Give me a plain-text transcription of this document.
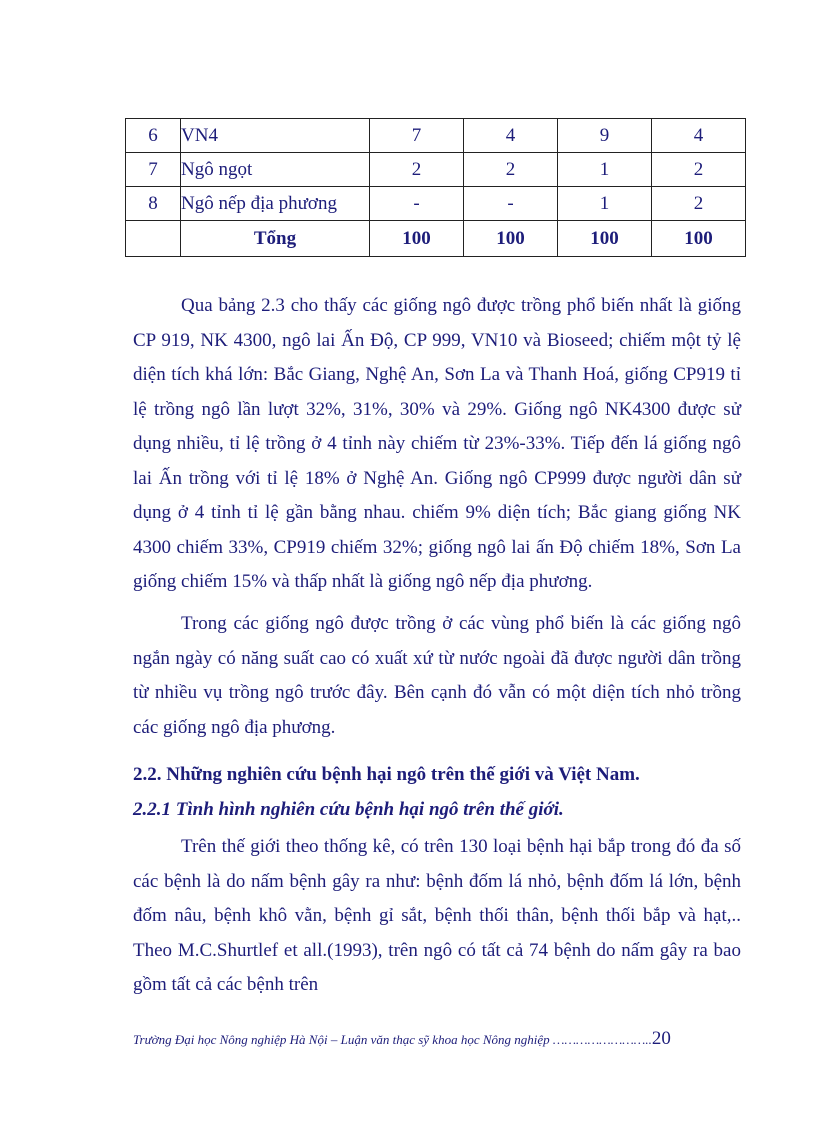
6	VN4	7	4	9	4
7	Ngô ngọt	2	2	1	2
8	Ngô nếp địa phương	-	-	1	2
	Tổng	100	100	100	100

Qua bảng 2.3 cho thấy các giống ngô được trồng phổ biến nhất là giống CP 919, NK 4300, ngô lai Ấn Độ, CP 999, VN10 và Bioseed; chiếm một tỷ lệ diện tích khá lớn: Bắc Giang, Nghệ An, Sơn La và Thanh Hoá, giống CP919 tỉ lệ trồng ngô lần lượt 32%, 31%, 30% và 29%. Giống ngô NK4300 được sử dụng nhiều, tỉ lệ trồng ở 4 tỉnh này chiếm từ 23%-33%. Tiếp đến lá giống ngô lai Ấn trồng với tỉ lệ 18% ở Nghệ An. Giống ngô CP999 được người dân sử dụng ở 4 tỉnh tỉ lệ gần bằng nhau. chiếm 9% diện tích; Bắc giang giống NK 4300 chiếm 33%, CP919 chiếm 32%; giống ngô lai ấn Độ chiếm 18%, Sơn La giống chiếm 15% và thấp nhất là giống ngô nếp địa phương.

Trong các giống ngô được trồng ở các vùng phổ biến là các giống ngô ngắn ngày có năng suất cao có xuất xứ từ nước ngoài đã được người dân trồng từ nhiều vụ trồng ngô trước đây. Bên cạnh đó vẫn có một diện tích nhỏ trồng các giống ngô địa phương.

2.2. Những nghiên cứu bệnh hại ngô trên thế giới và Việt Nam.
2.2.1 Tình hình nghiên cứu bệnh hại ngô trên thế giới.

Trên thế giới theo thống kê, có trên 130 loại bệnh hại bắp trong đó đa số các bệnh là do nấm bệnh gây ra như: bệnh đốm lá nhỏ, bệnh đốm lá lớn, bệnh đốm nâu, bệnh khô vằn, bệnh gỉ sắt, bệnh thối thân, bệnh thối bắp và hạt,.. Theo M.C.Shurtlef et all.(1993), trên ngô có tất cả 74 bệnh do nấm gây ra bao gồm tất cả các bệnh trên

Trường Đại học Nông nghiệp Hà Nội – Luận văn thạc sỹ khoa học Nông nghiệp ……………………..20
